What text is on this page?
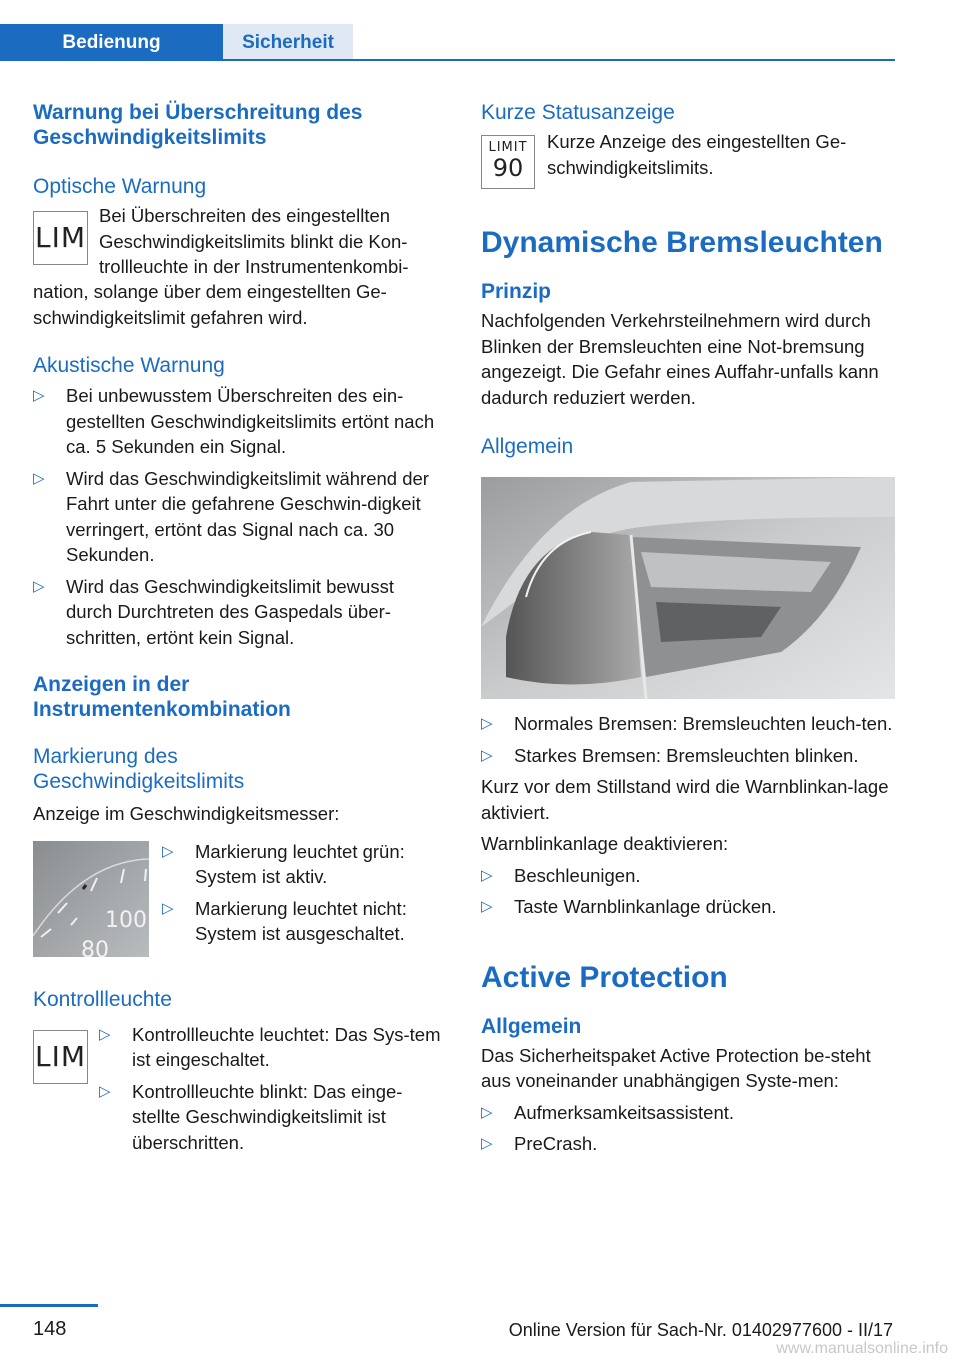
Bedienung	Sicherheit

Warnung bei Überschreitung des Geschwindigkeitslimits

Optische Warnung

LIM

Bei Überschreiten des eingestellten

Geschwindigkeitslimits blinkt die Kon-

trollleuchte in der Instrumentenkombi-

nation, solange über dem eingestellten Ge-

schwindigkeitslimit gefahren wird.

Akustische Warnung

▷ Bei unbewusstem Überschreiten des ein-gestellten Geschwindigkeitslimits ertönt nach ca. 5 Sekunden ein Signal.
▷ Wird das Geschwindigkeitslimit während der Fahrt unter die gefahrene Geschwin-digkeit verringert, ertönt das Signal nach ca. 30 Sekunden.
▷ Wird das Geschwindigkeitslimit bewusst durch Durchtreten des Gaspedals über-schritten, ertönt kein Signal.

Anzeigen in der Instrumentenkombination

Markierung des Geschwindigkeitslimits

Anzeige im Geschwindigkeitsmesser:

100
80
▷ Markierung leuchtet grün: System ist aktiv.
▷ Markierung leuchtet nicht: System ist ausgeschaltet.

Kontrollleuchte

LIM
▷ Kontrollleuchte leuchtet: Das Sys-tem ist eingeschaltet.
▷ Kontrollleuchte blinkt: Das einge-stellte Geschwindigkeitslimit ist überschritten.

Kurze Statusanzeige

LIMIT
90

Kurze Anzeige des eingestellten Ge-schwindigkeitslimits.

Dynamische Bremsleuchten

Prinzip

Nachfolgenden Verkehrsteilnehmern wird durch Blinken der Bremsleuchten eine Not-bremsung angezeigt. Die Gefahr eines Auffahr-unfalls kann dadurch reduziert werden.

Allgemein

▷ Normales Bremsen: Bremsleuchten leuch-ten.
▷ Starkes Bremsen: Bremsleuchten blinken.

Kurz vor dem Stillstand wird die Warnblinkan-lage aktiviert.

Warnblinkanlage deaktivieren:

▷ Beschleunigen.
▷ Taste Warnblinkanlage drücken.

Active Protection

Allgemein

Das Sicherheitspaket Active Protection be-steht aus voneinander unabhängigen Syste-men:

▷ Aufmerksamkeitsassistent.
▷ PreCrash.
148	Online Version für Sach-Nr. 01402977600 - II/17
www.manualsonline.info
